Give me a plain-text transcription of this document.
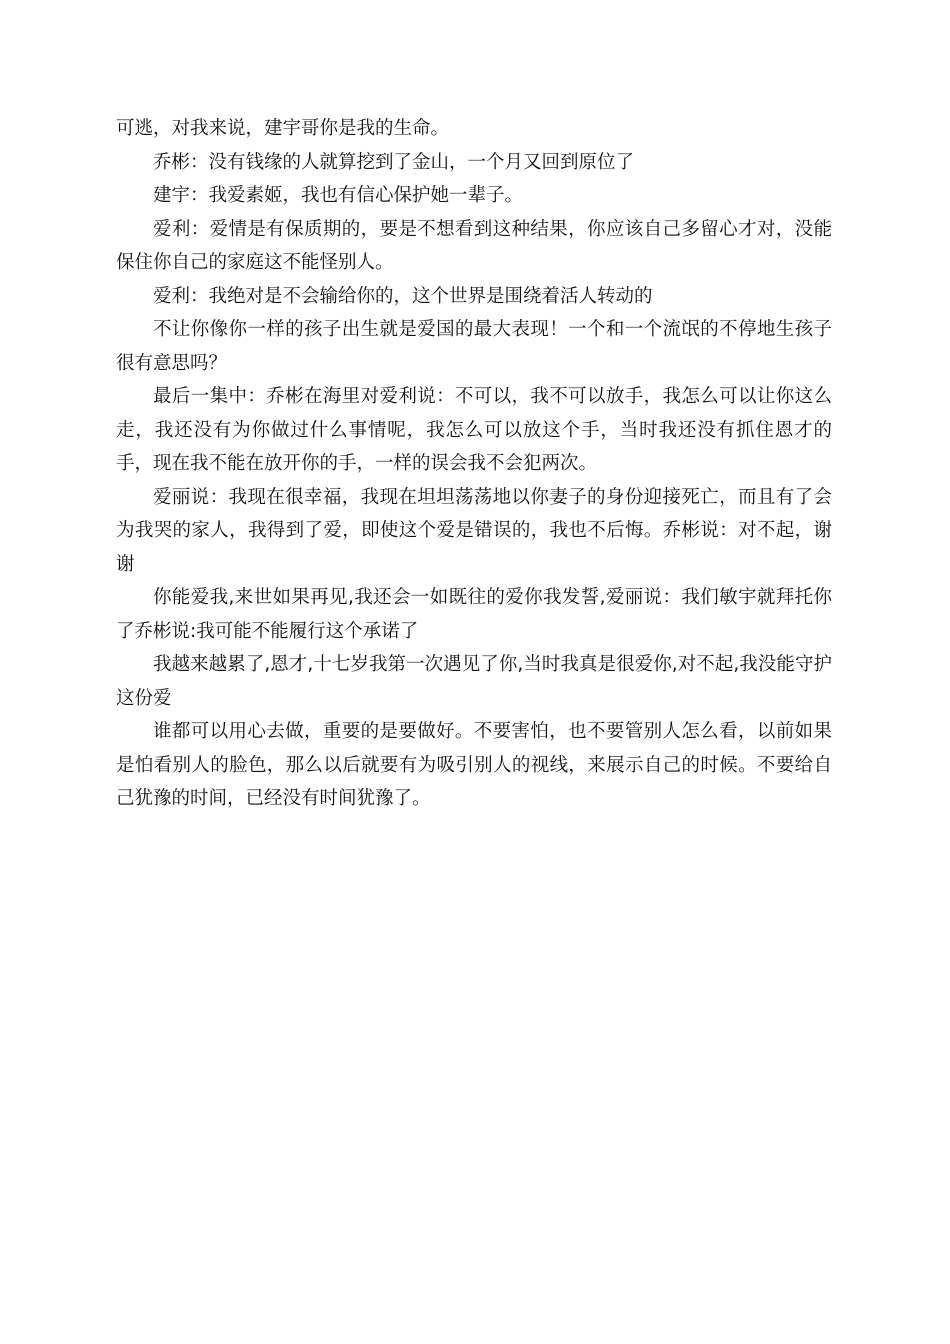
可逃，对我来说，建宇哥你是我的生命。

乔彬：没有钱缘的人就算挖到了金山，一个月又回到原位了

建宇：我爱素姬，我也有信心保护她一辈子。

爱利：爱情是有保质期的，要是不想看到这种结果，你应该自己多留心才对，没能保住你自己的家庭这不能怪别人。

爱利：我绝对是不会输给你的，这个世界是围绕着活人转动的

不让你像你一样的孩子出生就是爱国的最大表现！一个和一个流氓的不停地生孩子很有意思吗？

最后一集中：乔彬在海里对爱利说：不可以，我不可以放手，我怎么可以让你这么走，我还没有为你做过什么事情呢，我怎么可以放这个手，当时我还没有抓住恩才的手，现在我不能在放开你的手，一样的误会我不会犯两次。

爱丽说：我现在很幸福，我现在坦坦荡荡地以你妻子的身份迎接死亡，而且有了会为我哭的家人，我得到了爱，即使这个爱是错误的，我也不后悔。乔彬说：对不起，谢谢

你能爱我,来世如果再见,我还会一如既往的爱你我发誓,爱丽说：我们敏宇就拜托你了乔彬说:我可能不能履行这个承诺了

我越来越累了,恩才,十七岁我第一次遇见了你,当时我真是很爱你,对不起,我没能守护这份爱

谁都可以用心去做，重要的是要做好。不要害怕，也不要管别人怎么看，以前如果是怕看别人的脸色，那么以后就要有为吸引别人的视线，来展示自己的时候。不要给自己犹豫的时间，已经没有时间犹豫了。
